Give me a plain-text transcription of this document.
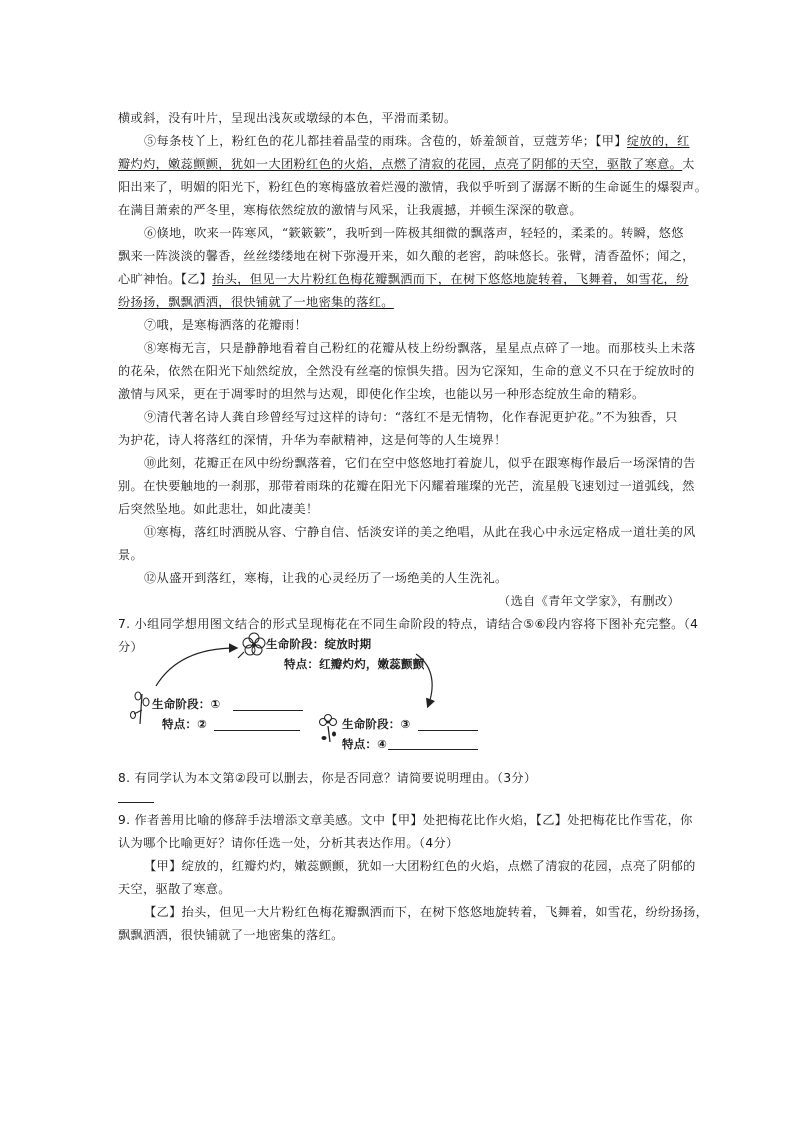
横或斜，没有叶片，呈现出浅灰或墩绿的本色，平滑而柔韧。
⑤每条枝丫上，粉红色的花儿都挂着晶莹的雨珠。含苞的，娇羞颔首，豆蔻芳华；【甲】绽放的，红
瓣灼灼，嫩蕊颤颤，犹如一大团粉红色的火焰，点燃了清寂的花园，点亮了阴郁的天空，驱散了寒意。太
阳出来了，明媚的阳光下，粉红色的寒梅盛放着烂漫的激情，我似乎听到了潺潺不断的生命诞生的爆裂声。
在满目萧索的严冬里，寒梅依然绽放的激情与风采，让我震撼，并顿生深深的敬意。
⑥倏地，吹来一阵寒风，“簌簌簌”，我听到一阵极其细微的飘落声，轻轻的，柔柔的。转瞬，悠悠
飘来一阵淡淡的馨香，丝丝缕缕地在树下弥漫开来，如久酿的老窖，韵味悠长。张臂，清香盈怀；闻之，
心旷神怡。【乙】抬头，但见一大片粉红色梅花瓣飘洒而下，在树下悠悠地旋转着，飞舞着，如雪花，纷
纷扬扬，飘飘洒洒，很快铺就了一地密集的落红。
⑦哦，是寒梅洒落的花瓣雨！
⑧寒梅无言，只是静静地看着自己粉红的花瓣从枝上纷纷飘落，星星点点碎了一地。而那枝头上未落
的花朵，依然在阳光下灿然绽放，全然没有丝毫的惊惧失措。因为它深知，生命的意义不只在于绽放时的
激情与风采，更在于凋零时的坦然与达观，即使化作尘埃，也能以另一种形态绽放生命的精彩。
⑨清代著名诗人龚自珍曾经写过这样的诗句：“落红不是无情物，化作春泥更护花。”不为独香，只
为护花，诗人将落红的深情，升华为奉献精神，这是何等的人生境界！
⑩此刻，花瓣正在风中纷纷飘落着，它们在空中悠悠地打着旋儿，似乎在跟寒梅作最后一场深情的告
别。在快要触地的一刹那，那带着雨珠的花瓣在阳光下闪耀着璀璨的光芒，流星般飞速划过一道弧线，然
后突然坠地。如此悲壮，如此凄美！
⑪寒梅，落红时洒脱从容、宁静自信、恬淡安详的美之绝唱，从此在我心中永远定格成一道壮美的风
景。
⑫从盛开到落红，寒梅，让我的心灵经历了一场绝美的人生洗礼。
（选自《青年文学家》，有删改）
7. 小组同学想用图文结合的形式呈现梅花在不同生命阶段的特点，请结合⑤⑥段内容将下图补充完整。（4
分）	生命阶段：绽放时期
特点：红瓣灼灼，嫩蕊颤颤
生命阶段：①
特点：②	生命阶段：③
特点：④
8. 有同学认为本文第②段可以删去，你是否同意？请简要说明理由。（3分）
9. 作者善用比喻的修辞手法增添文章美感。文中【甲】处把梅花比作火焰，【乙】处把梅花比作雪花，你
认为哪个比喻更好？请你任选一处，分析其表达作用。（4分）
【甲】绽放的，红瓣灼灼，嫩蕊颤颤，犹如一大团粉红色的火焰，点燃了清寂的花园，点亮了阴郁的
天空，驱散了寒意。
【乙】抬头，但见一大片粉红色梅花瓣飘洒而下，在树下悠悠地旋转着，飞舞着，如雪花，纷纷扬扬，
飘飘洒洒，很快铺就了一地密集的落红。
